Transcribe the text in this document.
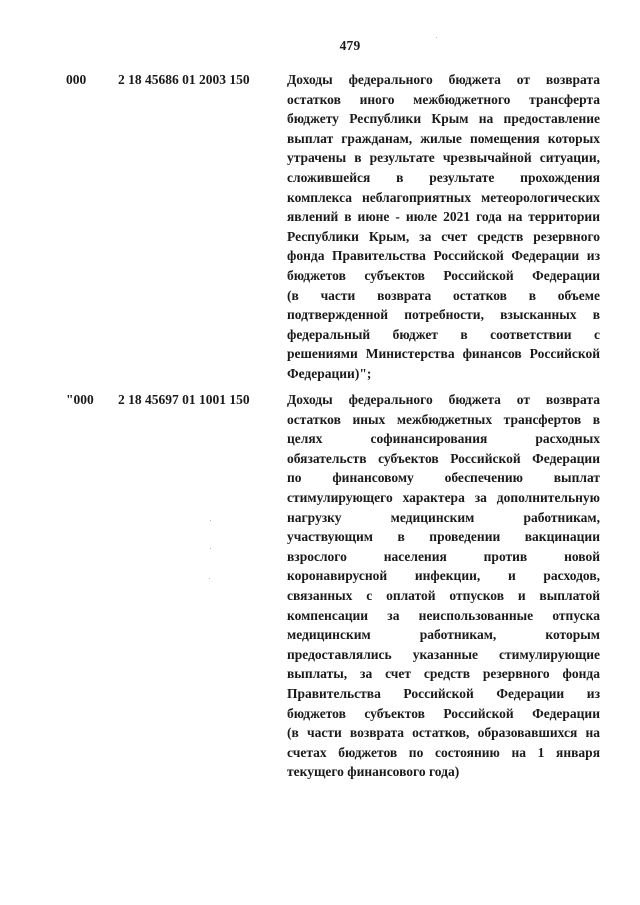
479
000 2 18 45686 01 2003 150	Доходы федерального бюджета от возврата
остатков иного межбюджетного трансферта
бюджету Республики Крым на предоставление
выплат гражданам, жилые помещения которых
утрачены в результате чрезвычайной ситуации,
сложившейся в результате прохождения
комплекса неблагоприятных метеорологических
явлений в июне - июле 2021 года на территории
Республики Крым, за счет средств резервного
фонда Правительства Российской Федерации из
бюджетов субъектов Российской Федерации
(в части возврата остатков в объеме
подтвержденной потребности, взысканных в
федеральный бюджет в соответствии с
решениями Министерства финансов Российской
Федерации)";
"000 2 18 45697 01 1001 150	Доходы федерального бюджета от возврата
остатков иных межбюджетных трансфертов в
целях софинансирования расходных
обязательств субъектов Российской Федерации
по финансовому обеспечению выплат
стимулирующего характера за дополнительную
нагрузку медицинским работникам,
участвующим в проведении вакцинации
взрослого населения против новой
коронавирусной инфекции, и расходов,
связанных с оплатой отпусков и выплатой
компенсации за неиспользованные отпуска
медицинским работникам, которым
предоставлялись указанные стимулирующие
выплаты, за счет средств резервного фонда
Правительства Российской Федерации из
бюджетов субъектов Российской Федерации
(в части возврата остатков, образовавшихся на
счетах бюджетов по состоянию на 1 января
текущего финансового года)
